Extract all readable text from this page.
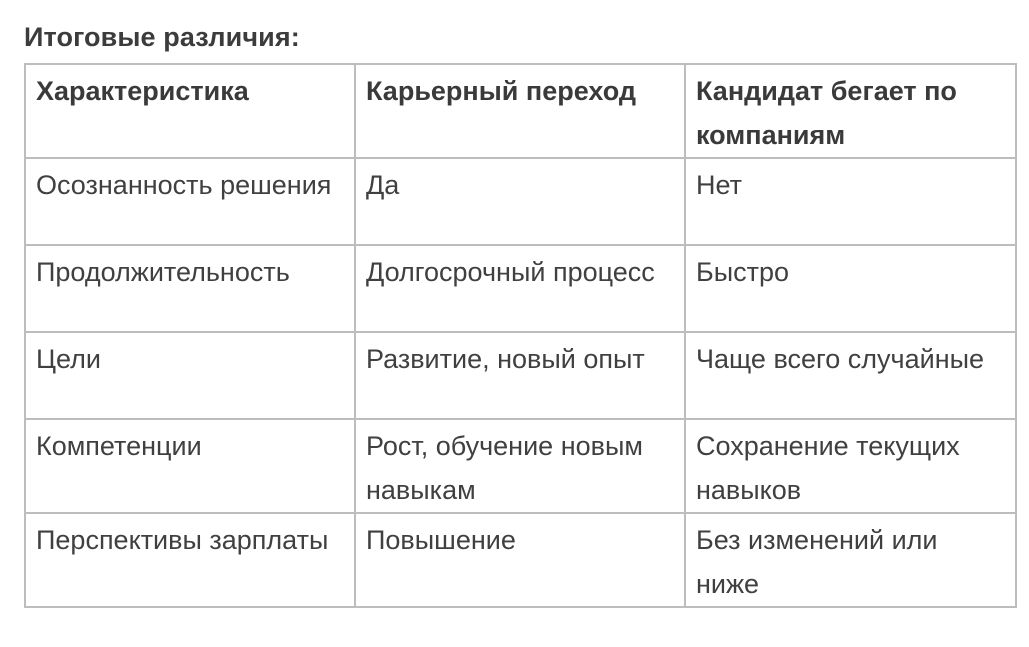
Итоговые различия:
Характеристика	Карьерный переход	Кандидат бегает по компаниям
Осознанность решения	Да	Нет
Продолжительность	Долгосрочный процесс	Быстро
Цели	Развитие, новый опыт	Чаще всего случайные
Компетенции	Рост, обучение новым навыкам	Сохранение текущих навыков
Перспективы зарплаты	Повышение	Без изменений или ниже
